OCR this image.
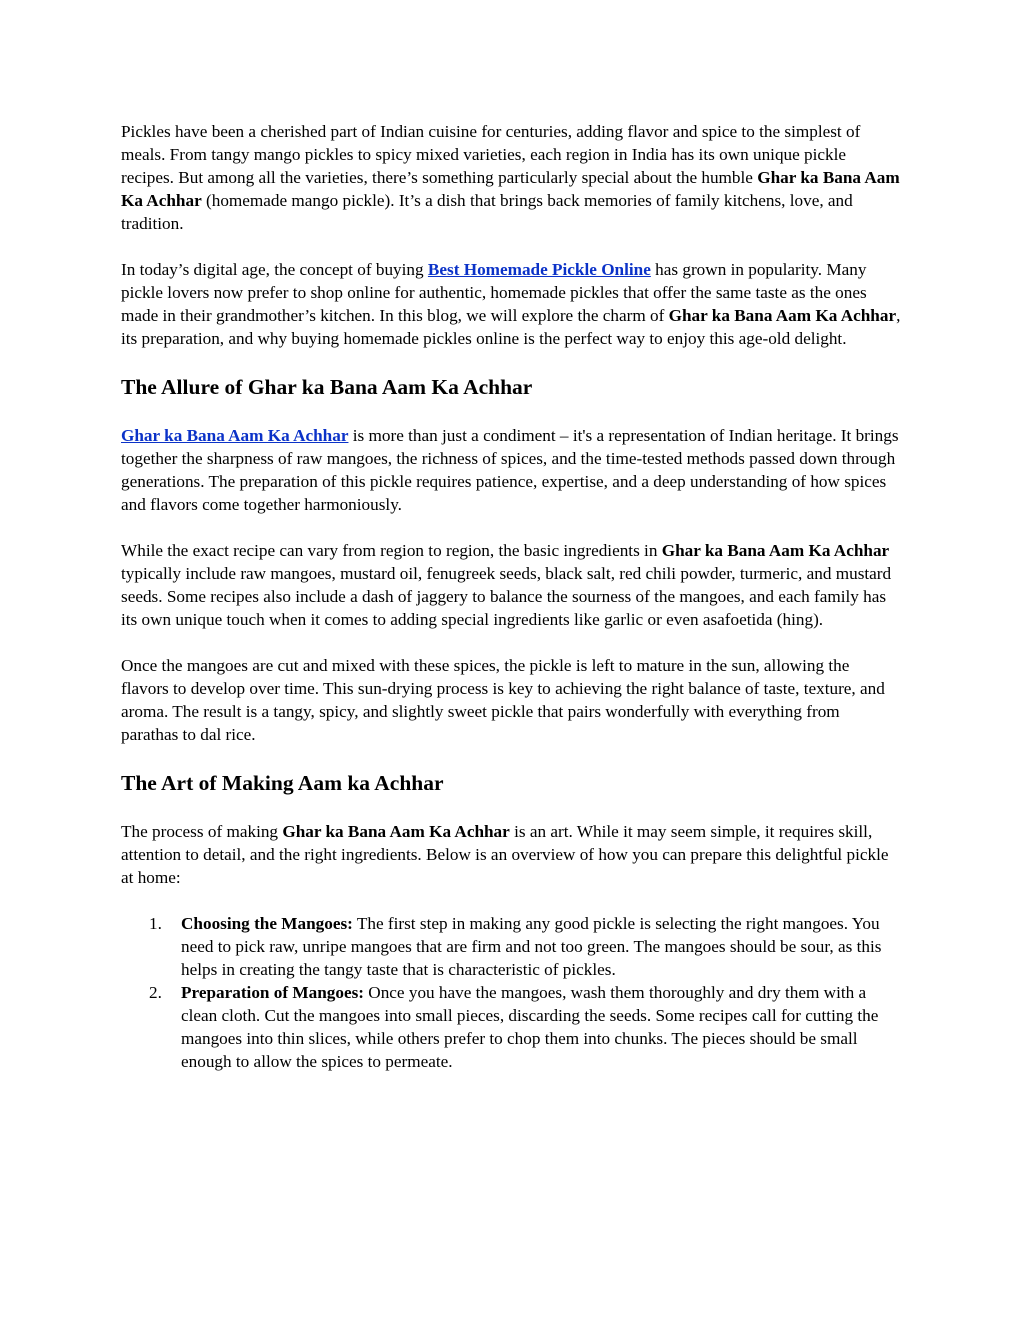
Pickles have been a cherished part of Indian cuisine for centuries, adding flavor and spice to the simplest of meals. From tangy mango pickles to spicy mixed varieties, each region in India has its own unique pickle recipes. But among all the varieties, there’s something particularly special about the humble Ghar ka Bana Aam Ka Achhar (homemade mango pickle). It’s a dish that brings back memories of family kitchens, love, and tradition.

In today’s digital age, the concept of buying Best Homemade Pickle Online has grown in popularity. Many pickle lovers now prefer to shop online for authentic, homemade pickles that offer the same taste as the ones made in their grandmother’s kitchen. In this blog, we will explore the charm of Ghar ka Bana Aam Ka Achhar, its preparation, and why buying homemade pickles online is the perfect way to enjoy this age-old delight.

The Allure of Ghar ka Bana Aam Ka Achhar

Ghar ka Bana Aam Ka Achhar is more than just a condiment – it's a representation of Indian heritage. It brings together the sharpness of raw mangoes, the richness of spices, and the time-tested methods passed down through generations. The preparation of this pickle requires patience, expertise, and a deep understanding of how spices and flavors come together harmoniously.

While the exact recipe can vary from region to region, the basic ingredients in Ghar ka Bana Aam Ka Achhar typically include raw mangoes, mustard oil, fenugreek seeds, black salt, red chili powder, turmeric, and mustard seeds. Some recipes also include a dash of jaggery to balance the sourness of the mangoes, and each family has its own unique touch when it comes to adding special ingredients like garlic or even asafoetida (hing).

Once the mangoes are cut and mixed with these spices, the pickle is left to mature in the sun, allowing the flavors to develop over time. This sun-drying process is key to achieving the right balance of taste, texture, and aroma. The result is a tangy, spicy, and slightly sweet pickle that pairs wonderfully with everything from parathas to dal rice.

The Art of Making Aam ka Achhar

The process of making Ghar ka Bana Aam Ka Achhar is an art. While it may seem simple, it requires skill, attention to detail, and the right ingredients. Below is an overview of how you can prepare this delightful pickle at home:

1. Choosing the Mangoes: The first step in making any good pickle is selecting the right mangoes. You need to pick raw, unripe mangoes that are firm and not too green. The mangoes should be sour, as this helps in creating the tangy taste that is characteristic of pickles.
2. Preparation of Mangoes: Once you have the mangoes, wash them thoroughly and dry them with a clean cloth. Cut the mangoes into small pieces, discarding the seeds. Some recipes call for cutting the mangoes into thin slices, while others prefer to chop them into chunks. The pieces should be small enough to allow the spices to permeate.
